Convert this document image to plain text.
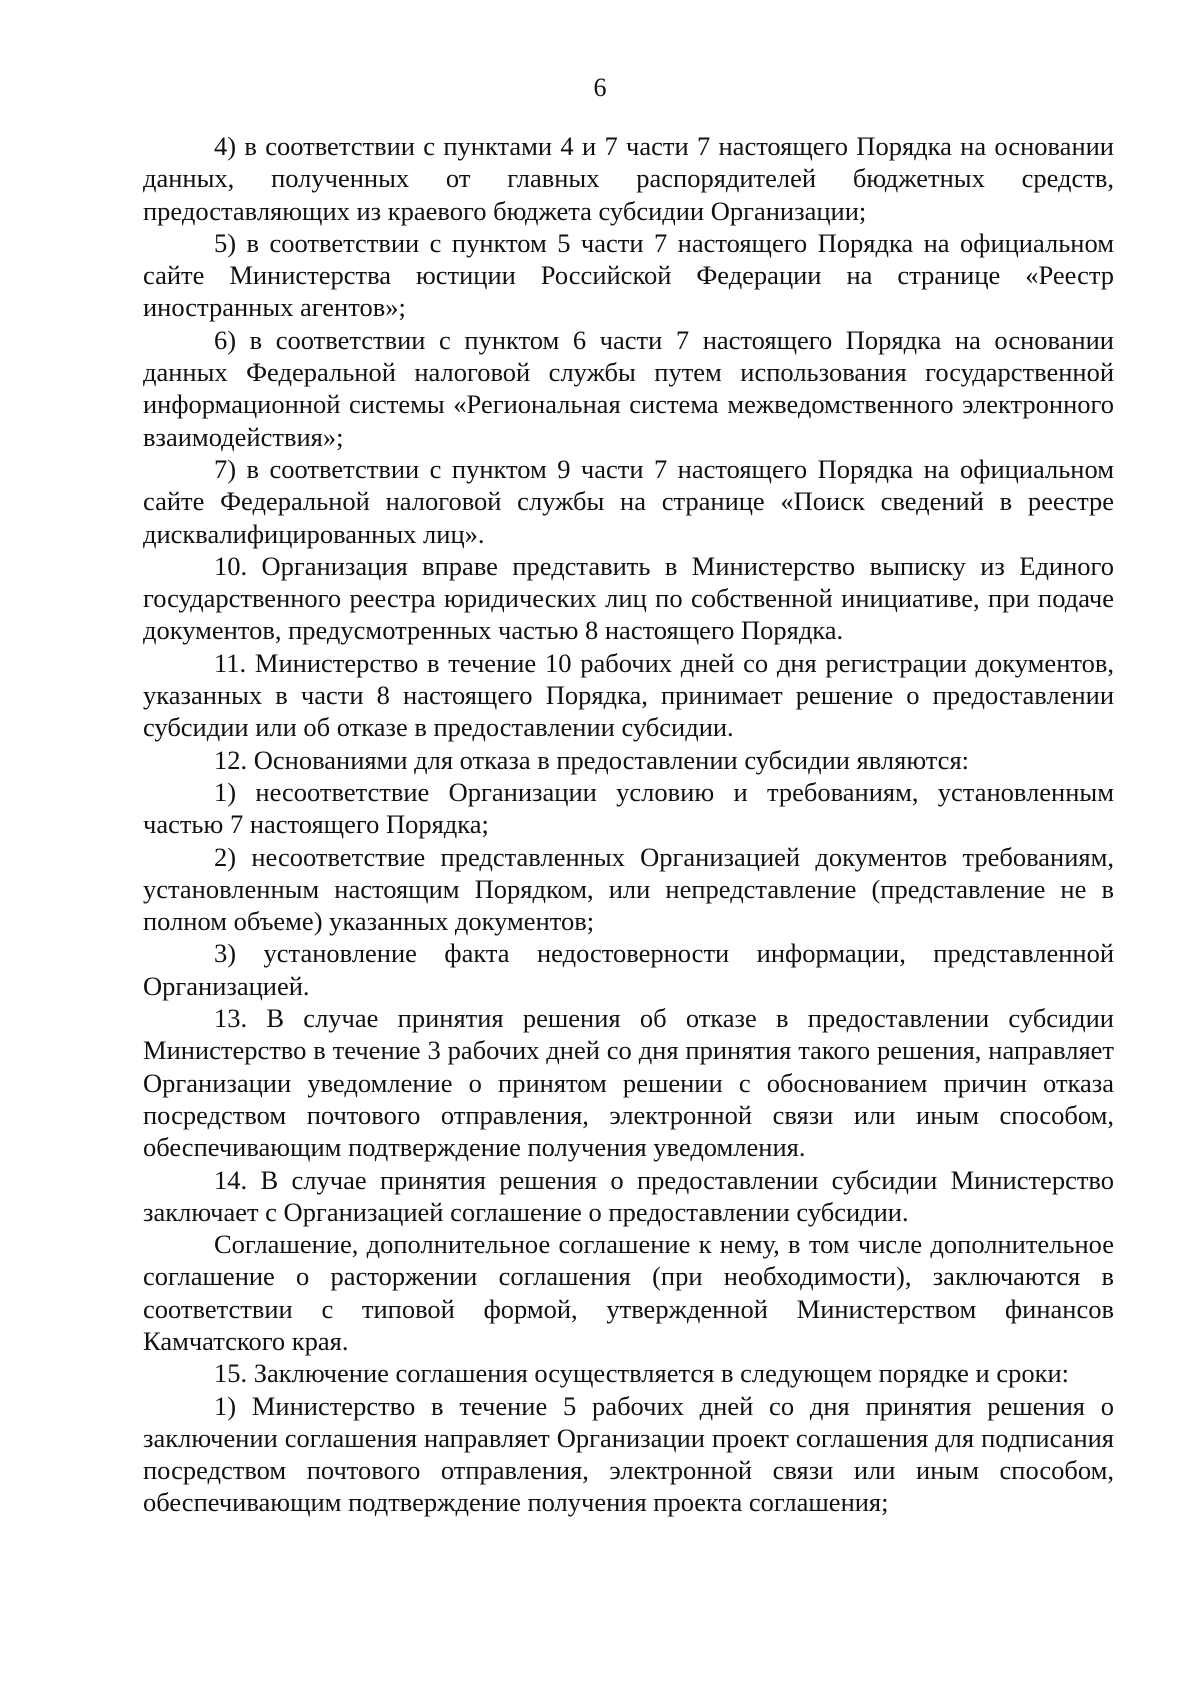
6

4) в соответствии с пунктами 4 и 7 части 7 настоящего Порядка на основании данных, полученных от главных распорядителей бюджетных средств, предоставляющих из краевого бюджета субсидии Организации;

5) в соответствии с пунктом 5 части 7 настоящего Порядка на официальном сайте Министерства юстиции Российской Федерации на странице «Реестр иностранных агентов»;

6) в соответствии с пунктом 6 части 7 настоящего Порядка на основании данных Федеральной налоговой службы путем использования государственной информационной системы «Региональная система межведомственного электронного взаимодействия»;

7) в соответствии с пунктом 9 части 7 настоящего Порядка на официальном сайте Федеральной налоговой службы на странице «Поиск сведений в реестре дисквалифицированных лиц».

10. Организация вправе представить в Министерство выписку из Единого государственного реестра юридических лиц по собственной инициативе, при подаче документов, предусмотренных частью 8 настоящего Порядка.

11. Министерство в течение 10 рабочих дней со дня регистрации документов, указанных в части 8 настоящего Порядка, принимает решение о предоставлении субсидии или об отказе в предоставлении субсидии.

12. Основаниями для отказа в предоставлении субсидии являются:

1) несоответствие Организации условию и требованиям, установленным частью 7 настоящего Порядка;

2) несоответствие представленных Организацией документов требованиям, установленным настоящим Порядком, или непредставление (представление не в полном объеме) указанных документов;

3) установление факта недостоверности информации, представленной Организацией.

13. В случае принятия решения об отказе в предоставлении субсидии Министерство в течение 3 рабочих дней со дня принятия такого решения, направляет Организации уведомление о принятом решении с обоснованием причин отказа посредством почтового отправления, электронной связи или иным способом, обеспечивающим подтверждение получения уведомления.

14. В случае принятия решения о предоставлении субсидии Министерство заключает с Организацией соглашение о предоставлении субсидии.

Соглашение, дополнительное соглашение к нему, в том числе дополнительное соглашение о расторжении соглашения (при необходимости), заключаются в соответствии с типовой формой, утвержденной Министерством финансов Камчатского края.

15. Заключение соглашения осуществляется в следующем порядке и сроки:

1) Министерство в течение 5 рабочих дней со дня принятия решения о заключении соглашения направляет Организации проект соглашения для подписания посредством почтового отправления, электронной связи или иным способом, обеспечивающим подтверждение получения проекта соглашения;
